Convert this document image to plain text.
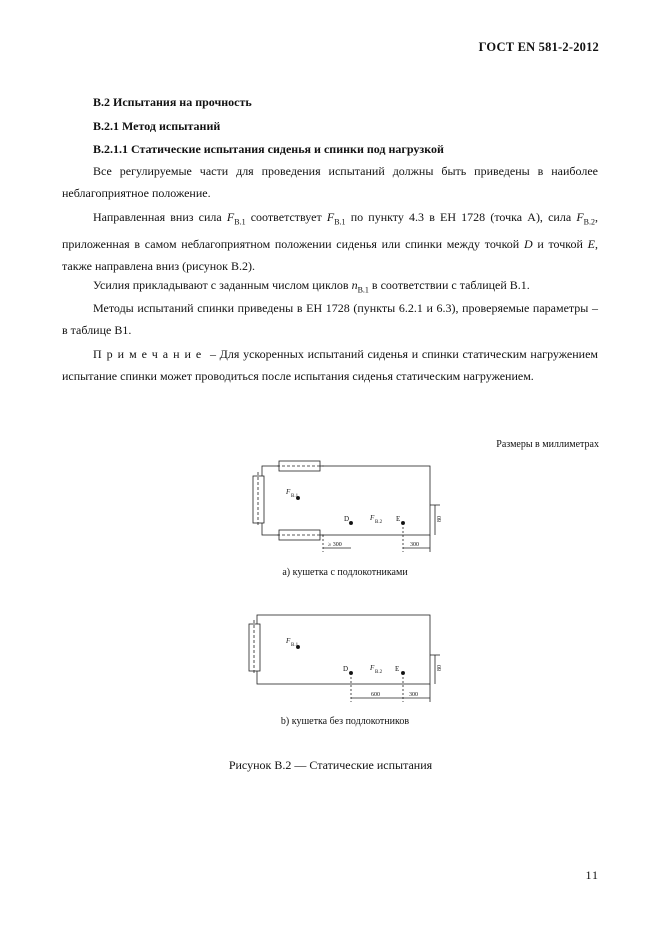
ГОСТ EN 581-2-2012
В.2 Испытания на прочность
В.2.1 Метод испытаний
В.2.1.1 Статические испытания сиденья и спинки под нагрузкой
Все регулируемые части для проведения испытаний должны быть приведены в наиболее неблагоприятное положение.
Направленная вниз сила $F_{B.1}$ соответствует $F_{B.1}$ по пункту 4.3 в ЕН 1728 (точка А), сила $F_{B.2}$, приложенная в самом неблагоприятном положении сиденья или спинки между точкой D и точкой E, также направлена вниз (рисунок В.2).
Усилия прикладывают с заданным числом циклов $n_{B.1}$ в соответствии с таблицей В.1.
Методы испытаний спинки приведены в ЕН 1728 (пункты 6.2.1 и 6.3), проверяемые параметры – в таблице В1.
Примечание – Для ускоренных испытаний сиденья и спинки статическим нагружением испытание спинки может проводиться после испытания сиденья статическим нагружением.
Размеры в миллиметрах
F
B.1
F
B.2
D	E
≥ 300	300
80
F
B.1
F
B.2
D	E
600	300
80
а) кушетка с подлокотниками
b) кушетка без подлокотников
Рисунок В.2 — Статические испытания
11
